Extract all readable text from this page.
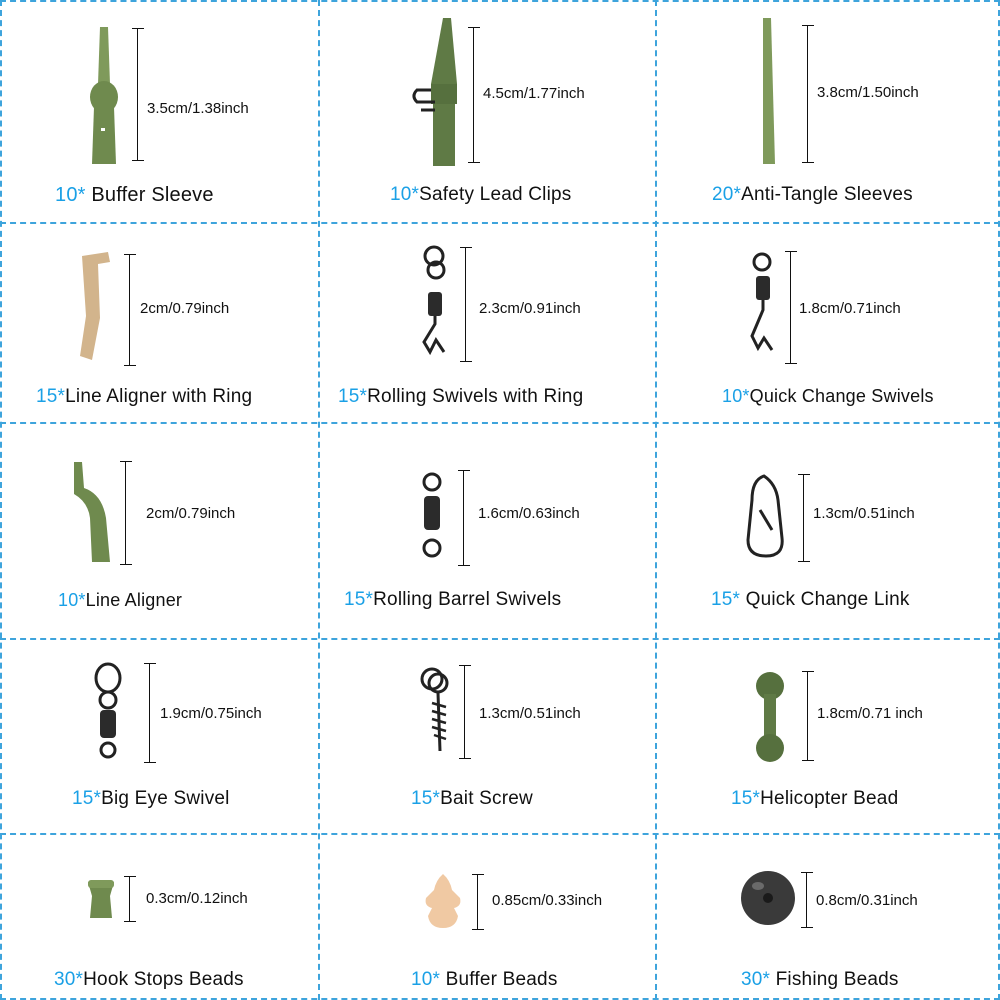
3.5cm/1.38inch
10* Buffer Sleeve
4.5cm/1.77inch
10*Safety Lead Clips
3.8cm/1.50inch
20*Anti-Tangle Sleeves
2cm/0.79inch
15*Line Aligner with Ring
2.3cm/0.91inch
15*Rolling Swivels with Ring
1.8cm/0.71inch
10*Quick Change Swivels
2cm/0.79inch
10*Line Aligner
1.6cm/0.63inch
15*Rolling Barrel Swivels
1.3cm/0.51inch
15* Quick Change Link
1.9cm/0.75inch
15*Big Eye Swivel
1.3cm/0.51inch
15*Bait Screw
1.8cm/0.71 inch
15*Helicopter Bead
0.3cm/0.12inch
30*Hook Stops Beads
0.85cm/0.33inch
10* Buffer Beads
0.8cm/0.31inch
30* Fishing Beads
